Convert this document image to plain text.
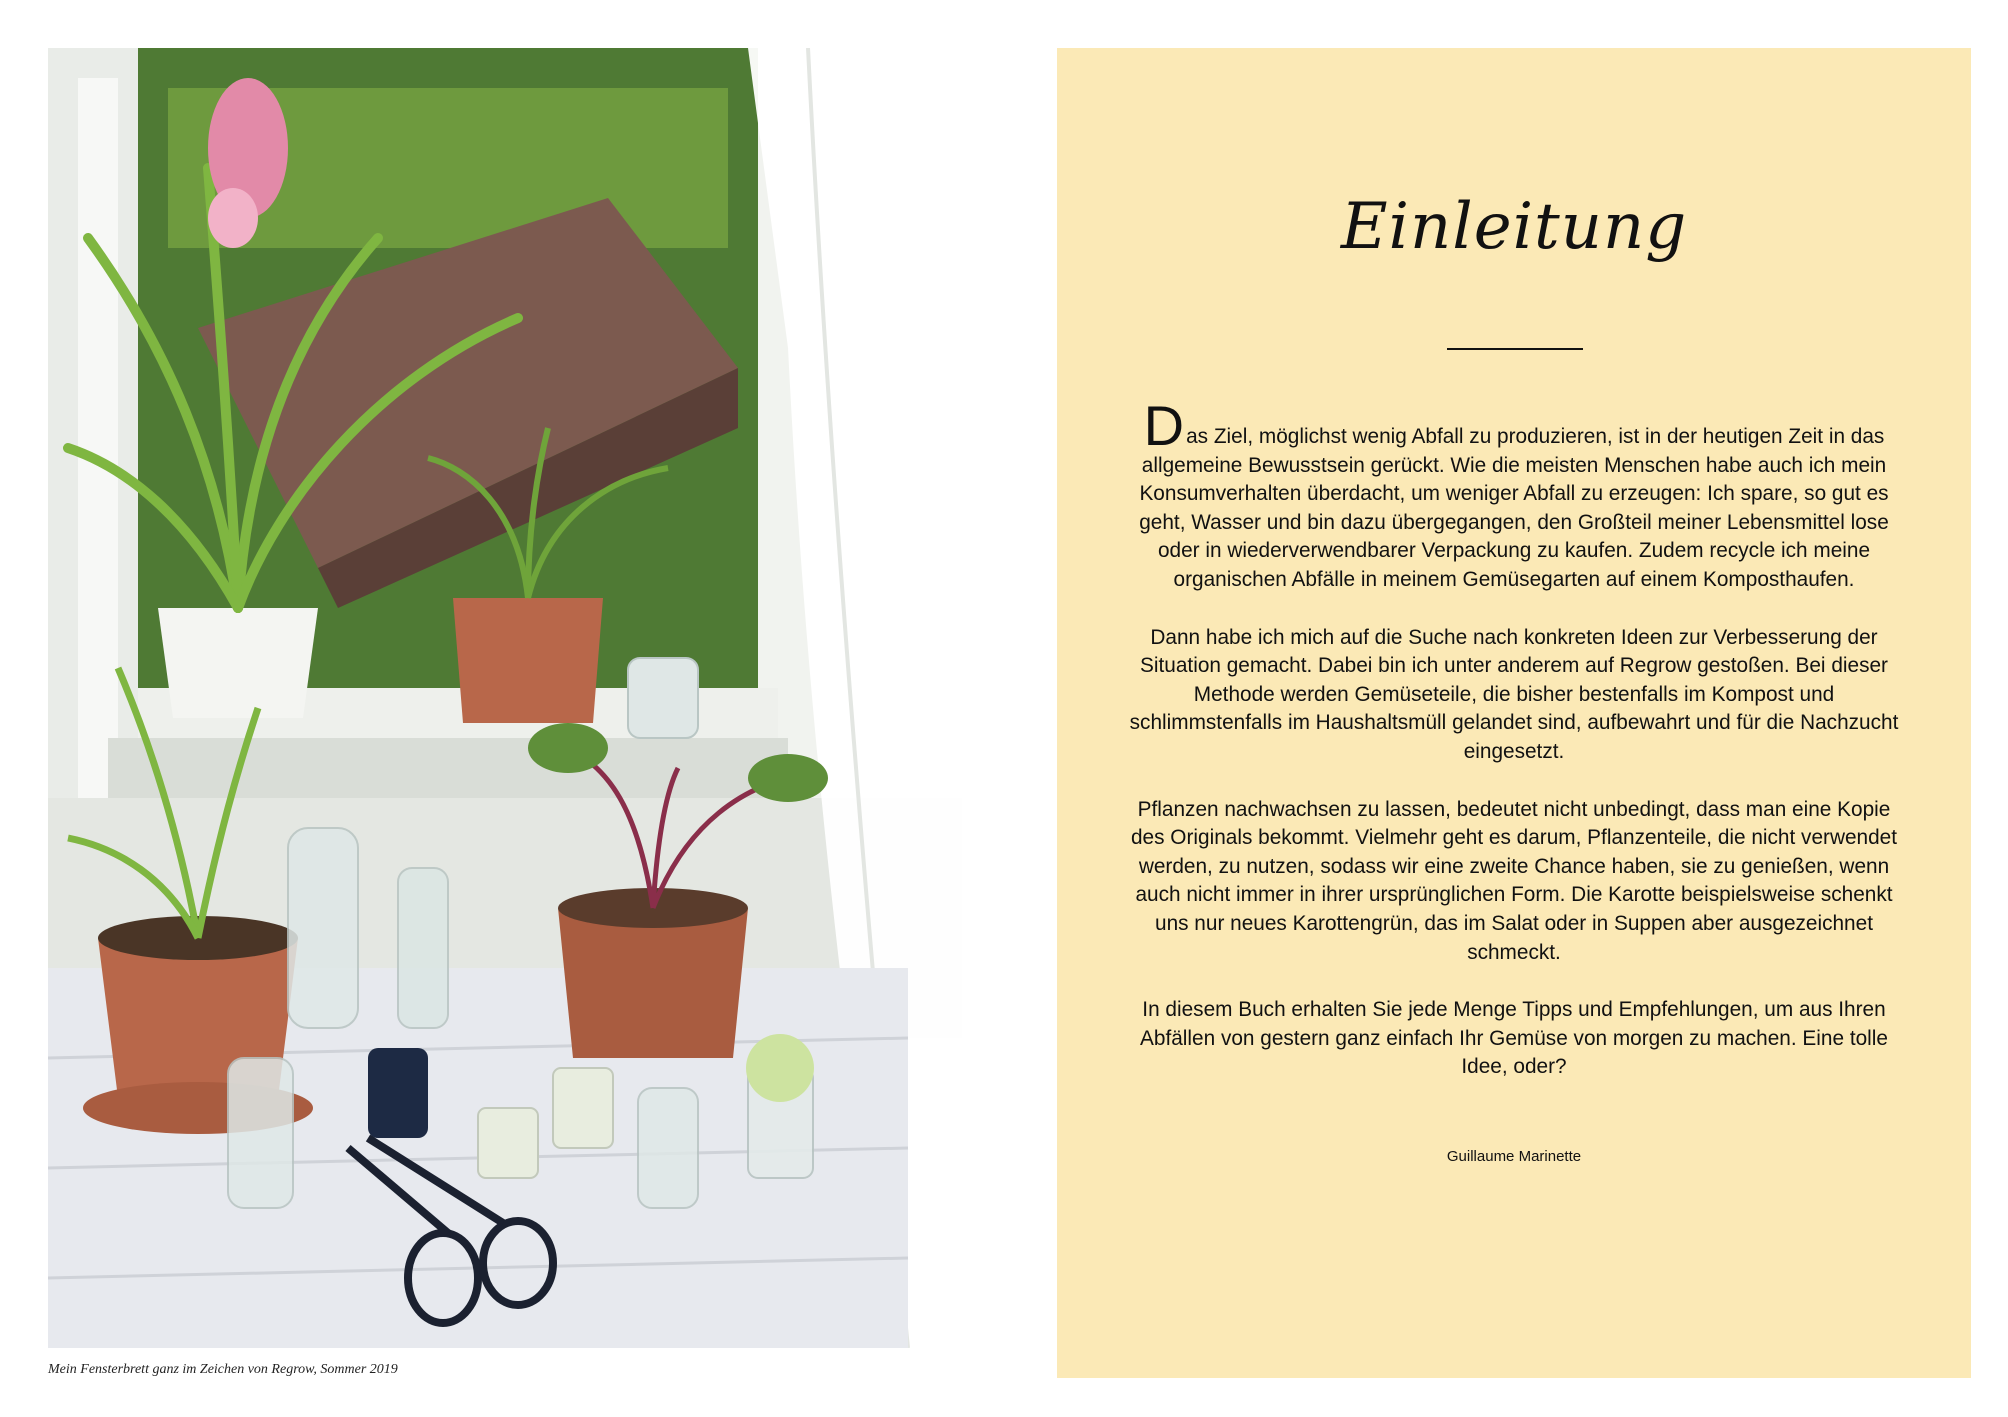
Mein Fensterbrett ganz im Zeichen von Regrow, Sommer 2019
Einleitung

Das Ziel, möglichst wenig Abfall zu produzieren, ist in der heutigen Zeit in das allgemeine Bewusstsein gerückt. Wie die meisten Menschen habe auch ich mein Konsumverhalten überdacht, um weniger Abfall zu erzeugen: Ich spare, so gut es geht, Wasser und bin dazu übergegangen, den Großteil meiner Lebensmittel lose oder in wiederverwendbarer Verpackung zu kaufen. Zudem recycle ich meine organischen Abfälle in meinem Gemüsegarten auf einem Komposthaufen.

Dann habe ich mich auf die Suche nach konkreten Ideen zur Verbesserung der Situation gemacht. Dabei bin ich unter anderem auf Regrow gestoßen. Bei dieser Methode werden Gemüseteile, die bisher bestenfalls im Kompost und schlimmstenfalls im Haushaltsmüll gelandet sind, aufbewahrt und für die Nachzucht eingesetzt.

Pflanzen nachwachsen zu lassen, bedeutet nicht unbedingt, dass man eine Kopie des Originals bekommt. Vielmehr geht es darum, Pflanzenteile, die nicht verwendet werden, zu nutzen, sodass wir eine zweite Chance haben, sie zu genießen, wenn auch nicht immer in ihrer ursprünglichen Form. Die Karotte beispielsweise schenkt uns nur neues Karottengrün, das im Salat oder in Suppen aber ausgezeichnet schmeckt.

In diesem Buch erhalten Sie jede Menge Tipps und Empfehlungen, um aus Ihren Abfällen von gestern ganz einfach Ihr Gemüse von morgen zu machen. Eine tolle Idee, oder?

Guillaume Marinette
